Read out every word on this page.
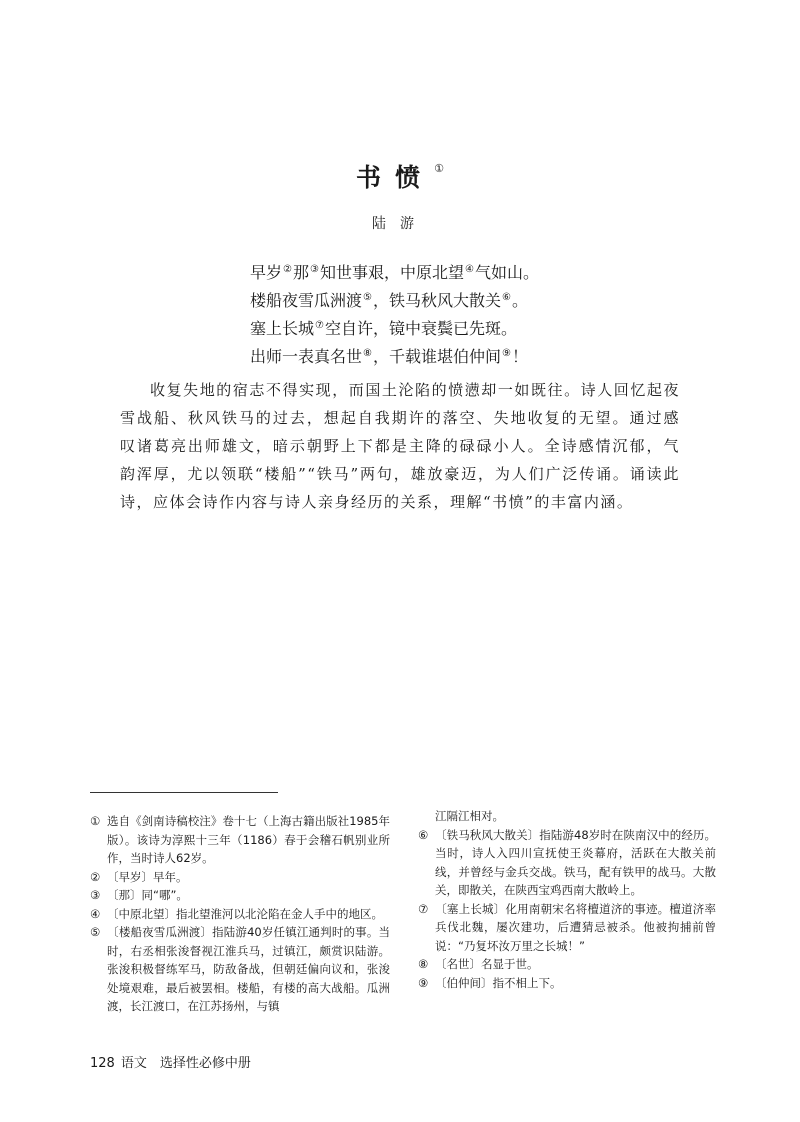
书愤①
陆游
早岁②那③知世事艰，中原北望④气如山。
楼船夜雪瓜洲渡⑤，铁马秋风大散关⑥。
塞上长城⑦空自许，镜中衰鬓已先斑。
出师一表真名世⑧，千载谁堪伯仲间⑨！
收复失地的宿志不得实现，而国土沦陷的愤懑却一如既往。诗人回忆起夜雪战船、秋风铁马的过去，想起自我期许的落空、失地收复的无望。通过感叹诸葛亮出师雄文，暗示朝野上下都是主降的碌碌小人。全诗感情沉郁，气韵浑厚，尤以领联“楼船”“铁马”两句，雄放豪迈，为人们广泛传诵。诵读此诗，应体会诗作内容与诗人亲身经历的关系，理解“书愤”的丰富内涵。
① 选自《剑南诗稿校注》卷十七（上海古籍出版社1985年版）。该诗为淳熙十三年（1186）春于会稽石帆别业所作，当时诗人62岁。
② 〔早岁〕早年。
③ 〔那〕同“哪”。
④ 〔中原北望〕指北望淮河以北沦陷在金人手中的地区。
⑤ 〔楼船夜雪瓜洲渡〕指陆游40岁任镇江通判时的事。当时，右丞相张浚督视江淮兵马，过镇江，颇赏识陆游。张浚积极督练军马，防敌备战，但朝廷偏向议和，张浚处境艰难，最后被罢相。楼船，有楼的高大战船。瓜洲渡，长江渡口，在江苏扬州，与镇
江隔江相对。
⑥ 〔铁马秋风大散关〕指陆游48岁时在陕南汉中的经历。当时，诗人入四川宣抚使王炎幕府，活跃在大散关前线，并曾经与金兵交战。铁马，配有铁甲的战马。大散关，即散关，在陕西宝鸡西南大散岭上。
⑦ 〔塞上长城〕化用南朝宋名将檀道济的事迹。檀道济率兵伐北魏，屡次建功，后遭猜忌被杀。他被拘捕前曾说：“乃复坏汝万里之长城！”
⑧ 〔名世〕名显于世。
⑨ 〔伯仲间〕指不相上下。
128 语文　选择性必修中册
